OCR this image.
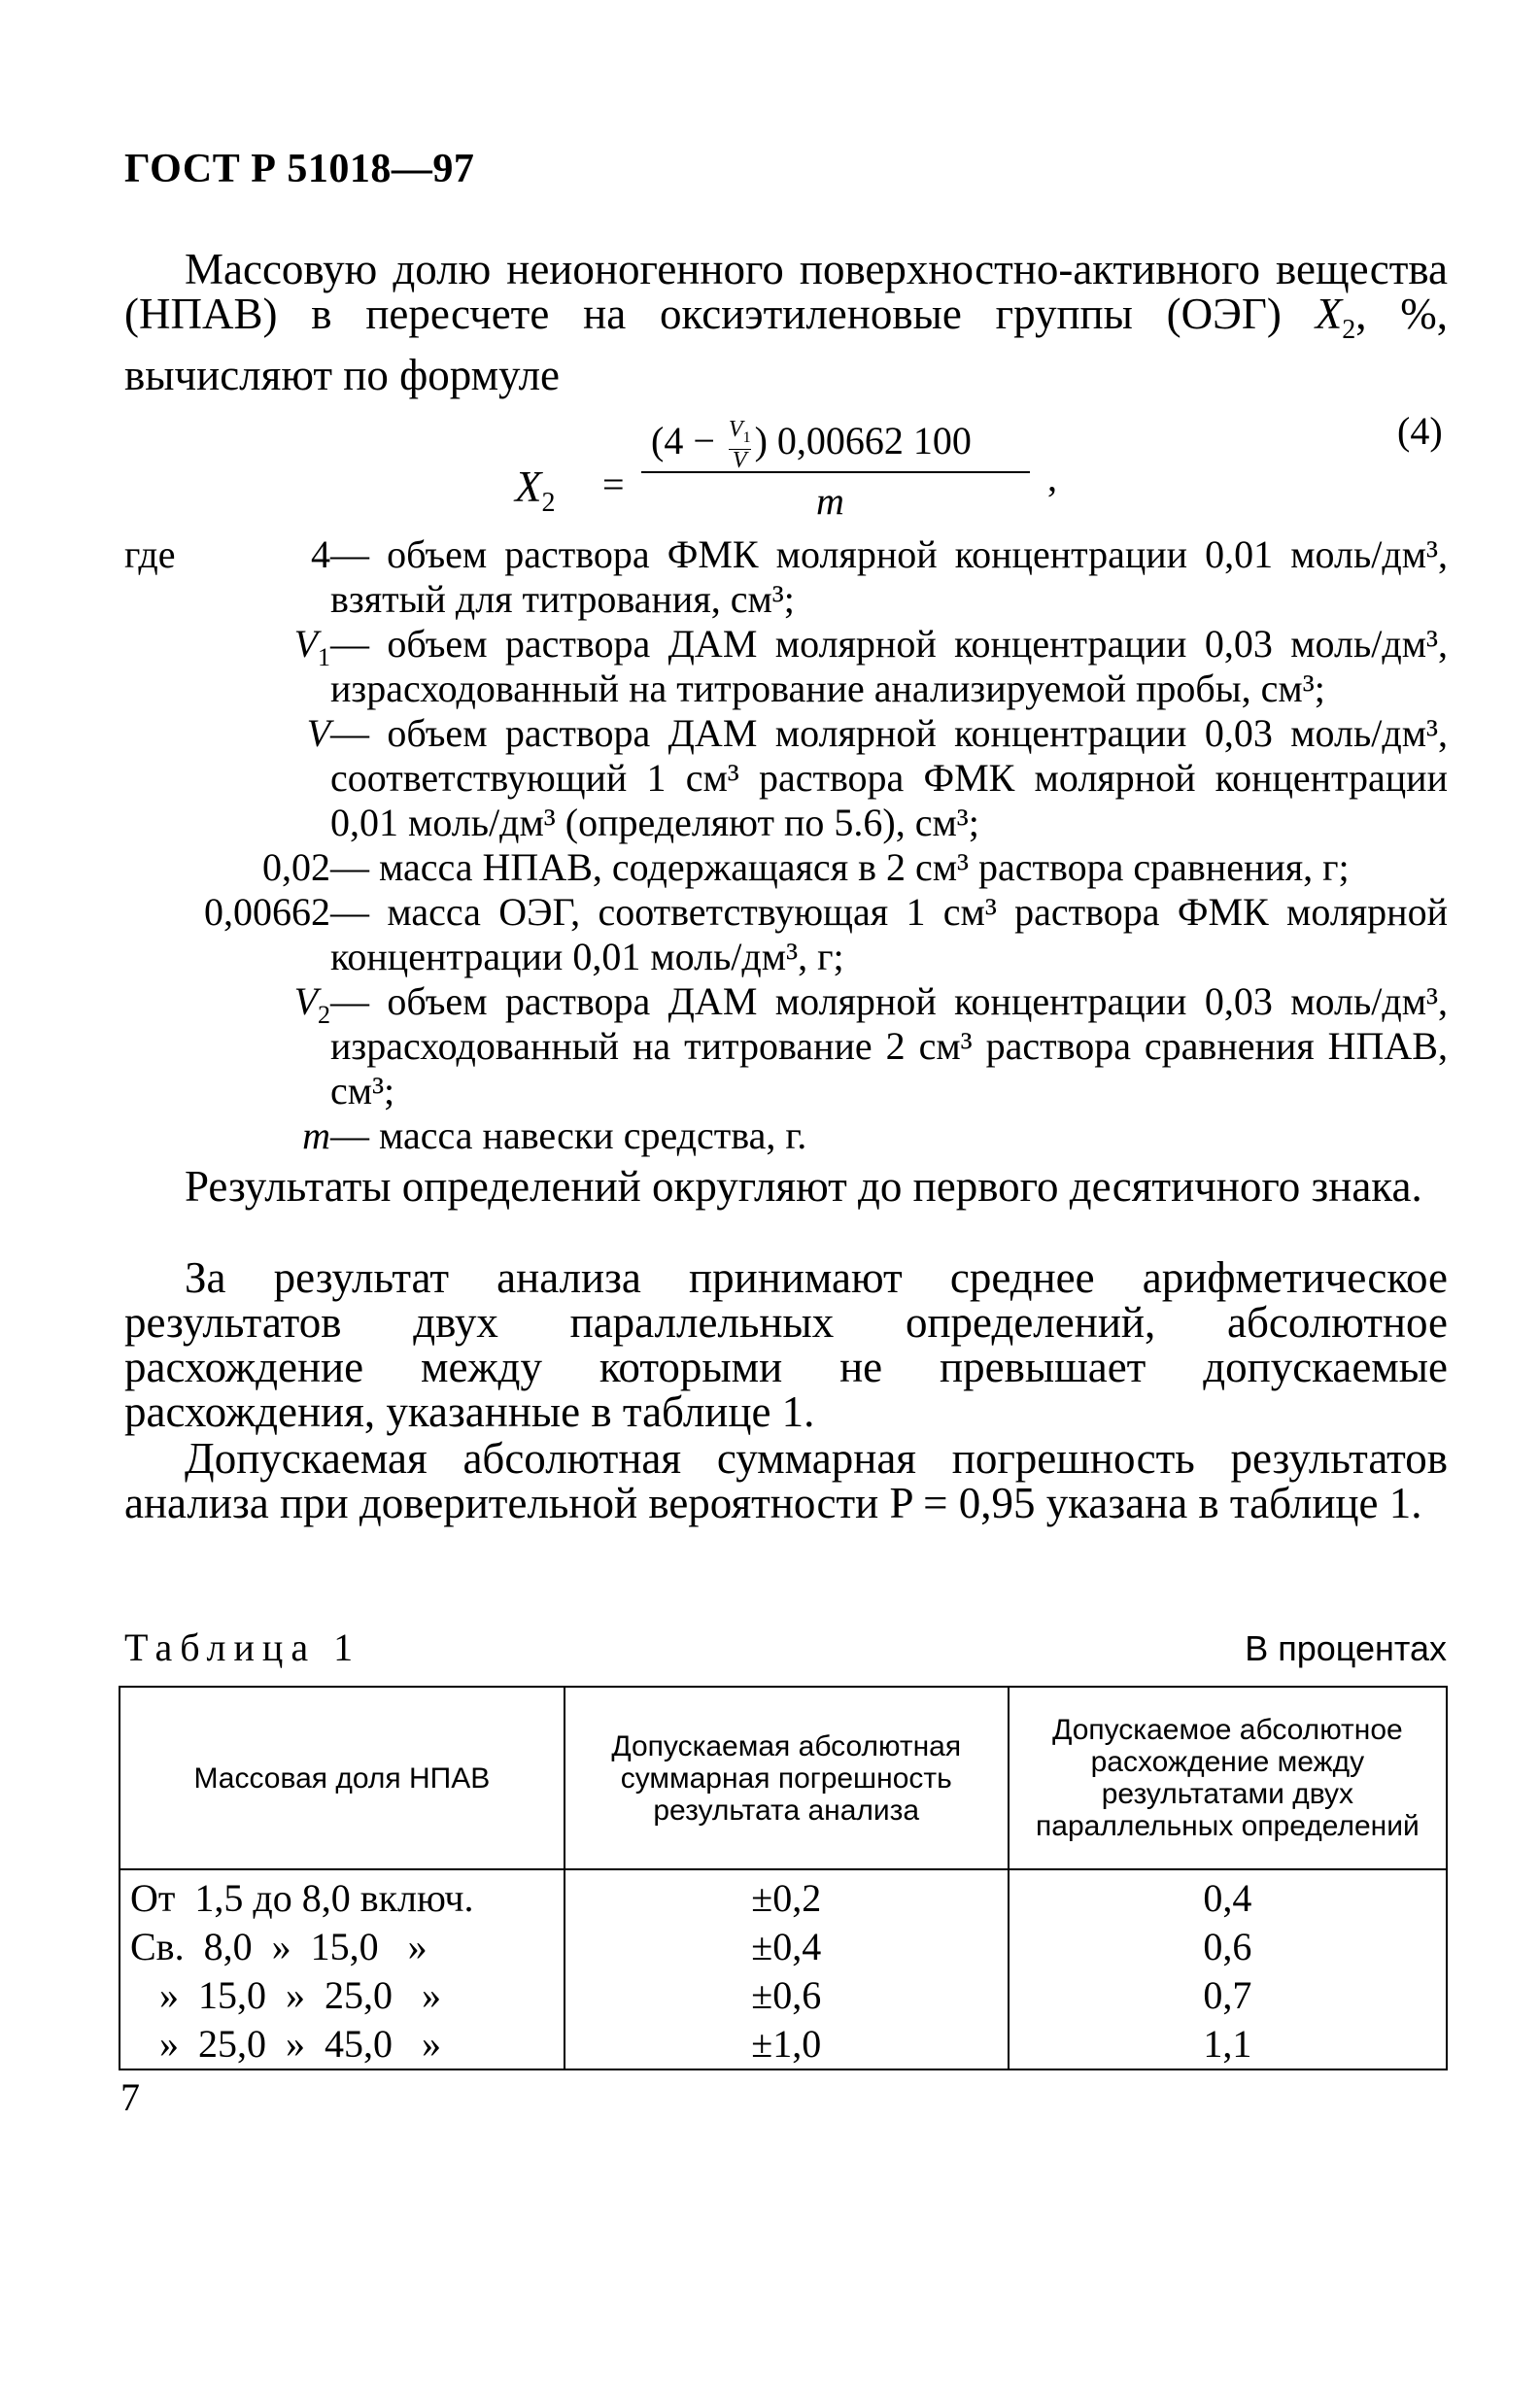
ГОСТ Р 51018—97
Массовую долю неионогенного поверхностно-активного вещества (НПАВ) в пересчете на оксиэтиленовые группы (ОЭГ) $X_2$, %, вычисляют по формуле
$X_2$ =
($4 - \frac{V_1}{V}$ ) 0,00662 100
m
,
(4)
где	4 — объем раствора ФМК молярной концентрации 0,01 моль/дм³, взятый для титрования, см³;
$V_1$ — объем раствора ДАМ молярной концентрации 0,03 моль/дм³, израсходованный на титрование анализируемой пробы, см³;
V — объем раствора ДАМ молярной концентрации 0,03 моль/дм³, соответствующий 1 см³ раствора ФМК молярной концентрации 0,01 моль/дм³ (определяют по 5.6), см³;
0,02 — масса НПАВ, содержащаяся в 2 см³ раствора сравнения, г;
0,00662 — масса ОЭГ, соответствующая 1 см³ раствора ФМК молярной концентрации 0,01 моль/дм³, г;
$V_2$ — объем раствора ДАМ молярной концентрации 0,03 моль/дм³, израсходованный на титрование 2 см³ раствора сравнения НПАВ, см³;
m — масса навески средства, г.
Результаты определений округляют до первого десятичного знака.
За результат анализа принимают среднее арифметическое результатов двух параллельных определений, абсолютное расхождение между которыми не превышает допускаемые расхождения, указанные в таблице 1.
Допускаемая абсолютная суммарная погрешность результатов анализа при доверительной вероятности P = 0,95 указана в таблице 1.
Таблица 1	В процентах
Массовая доля НПАВ	Допускаемая абсолютная суммарная погрешность результата анализа	Допускаемое абсолютное расхождение между результатами двух параллельных определений
От  1,5 до 8,0 включ.	±0,2	0,4
Св.  8,0  »  15,0   »	±0,4	0,6
»  15,0  »  25,0   »	±0,6	0,7
»  25,0  »  45,0   »	±1,0	1,1
7
